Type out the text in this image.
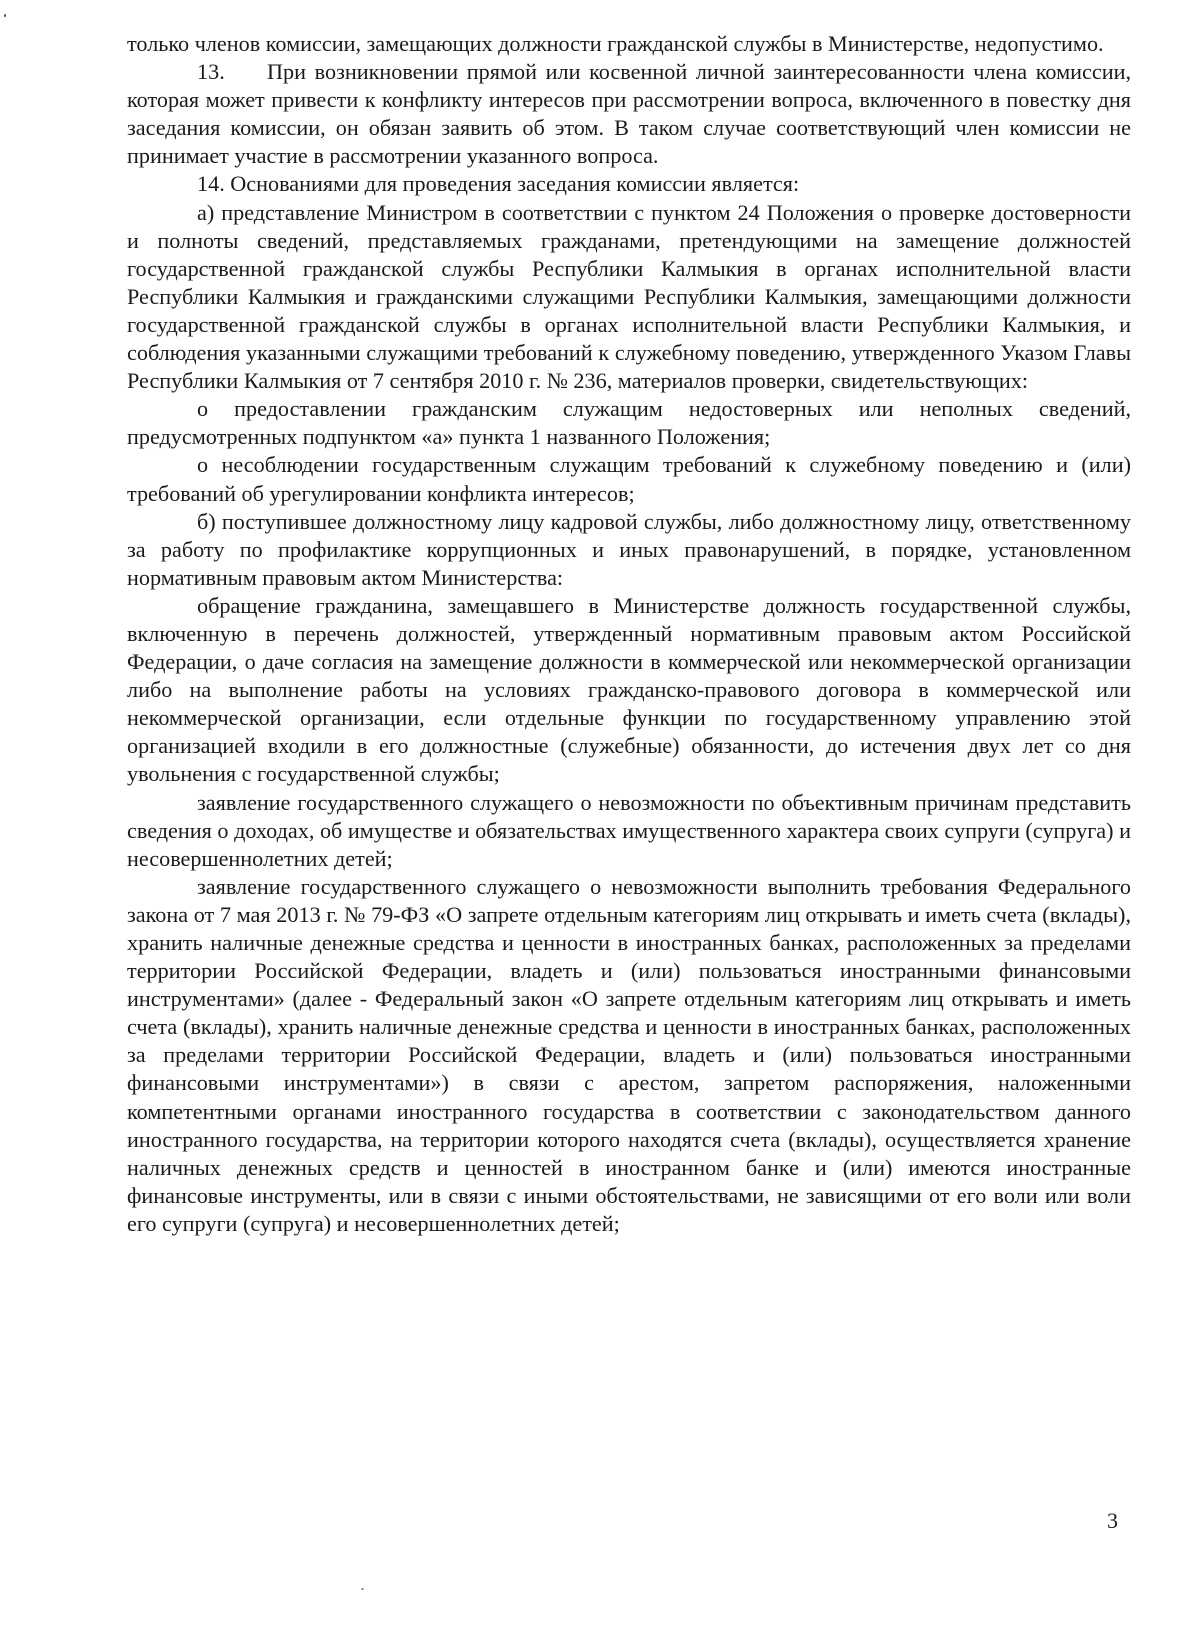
только членов комиссии, замещающих должности гражданской службы в Министерстве, недопустимо.

13. При возникновении прямой или косвенной личной заинтересованности члена комиссии, которая может привести к конфликту интересов при рассмотрении вопроса, включенного в повестку дня заседания комиссии, он обязан заявить об этом. В таком случае соответствующий член комиссии не принимает участие в рассмотрении указанного вопроса.

14. Основаниями для проведения заседания комиссии является:

а) представление Министром в соответствии с пунктом 24 Положения о проверке достоверности и полноты сведений, представляемых гражданами, претендующими на замещение должностей государственной гражданской службы Республики Калмыкия в органах исполнительной власти Республики Калмыкия и гражданскими служащими Республики Калмыкия, замещающими должности государственной гражданской службы в органах исполнительной власти Республики Калмыкия, и соблюдения указанными служащими требований к служебному поведению, утвержденного Указом Главы Республики Калмыкия от 7 сентября 2010 г. № 236, материалов проверки, свидетельствующих:

о предоставлении гражданским служащим недостоверных или неполных сведений, предусмотренных подпунктом «а» пункта 1 названного Положения;

о несоблюдении государственным служащим требований к служебному поведению и (или) требований об урегулировании конфликта интересов;

б) поступившее должностному лицу кадровой службы, либо должностному лицу, ответственному за работу по профилактике коррупционных и иных правонарушений, в порядке, установленном нормативным правовым актом Министерства:

обращение гражданина, замещавшего в Министерстве должность государственной службы, включенную в перечень должностей, утвержденный нормативным правовым актом Российской Федерации, о даче согласия на замещение должности в коммерческой или некоммерческой организации либо на выполнение работы на условиях гражданско-правового договора в коммерческой или некоммерческой организации, если отдельные функции по государственному управлению этой организацией входили в его должностные (служебные) обязанности, до истечения двух лет со дня увольнения с государственной службы;

заявление государственного служащего о невозможности по объективным причинам представить сведения о доходах, об имуществе и обязательствах имущественного характера своих супруги (супруга) и несовершеннолетних детей;

заявление государственного служащего о невозможности выполнить требования Федерального закона от 7 мая 2013 г. № 79-ФЗ «О запрете отдельным категориям лиц открывать и иметь счета (вклады), хранить наличные денежные средства и ценности в иностранных банках, расположенных за пределами территории Российской Федерации, владеть и (или) пользоваться иностранными финансовыми инструментами» (далее - Федеральный закон «О запрете отдельным категориям лиц открывать и иметь счета (вклады), хранить наличные денежные средства и ценности в иностранных банках, расположенных за пределами территории Российской Федерации, владеть и (или) пользоваться иностранными финансовыми инструментами») в связи с арестом, запретом распоряжения, наложенными компетентными органами иностранного государства в соответствии с законодательством данного иностранного государства, на территории которого находятся счета (вклады), осуществляется хранение наличных денежных средств и ценностей в иностранном банке и (или) имеются иностранные финансовые инструменты, или в связи с иными обстоятельствами, не зависящими от его воли или воли его супруги (супруга) и несовершеннолетних детей;

3
